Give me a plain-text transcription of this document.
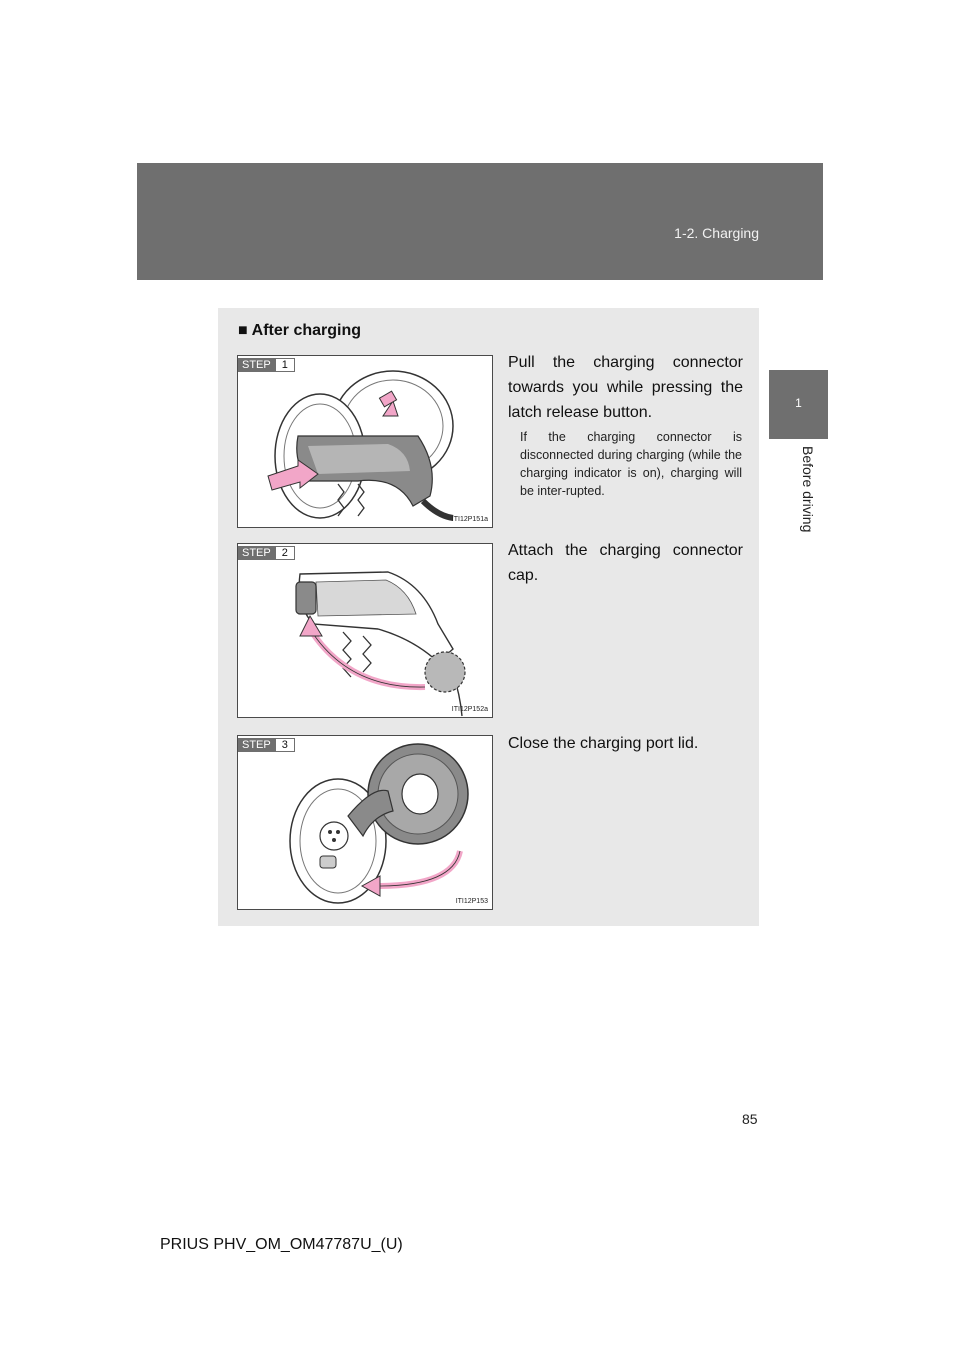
1-2. Charging
1
Before driving
■ After charging
STEP	1
ITI12P151a
Pull the charging connector towards you while pressing the latch release button.
If the charging connector is disconnected during charging (while the charging indicator is on), charging will be inter-rupted.
STEP	2
ITI12P152a
Attach the charging connector cap.
STEP	3
ITI12P153
Close the charging port lid.
85
PRIUS PHV_OM_OM47787U_(U)
